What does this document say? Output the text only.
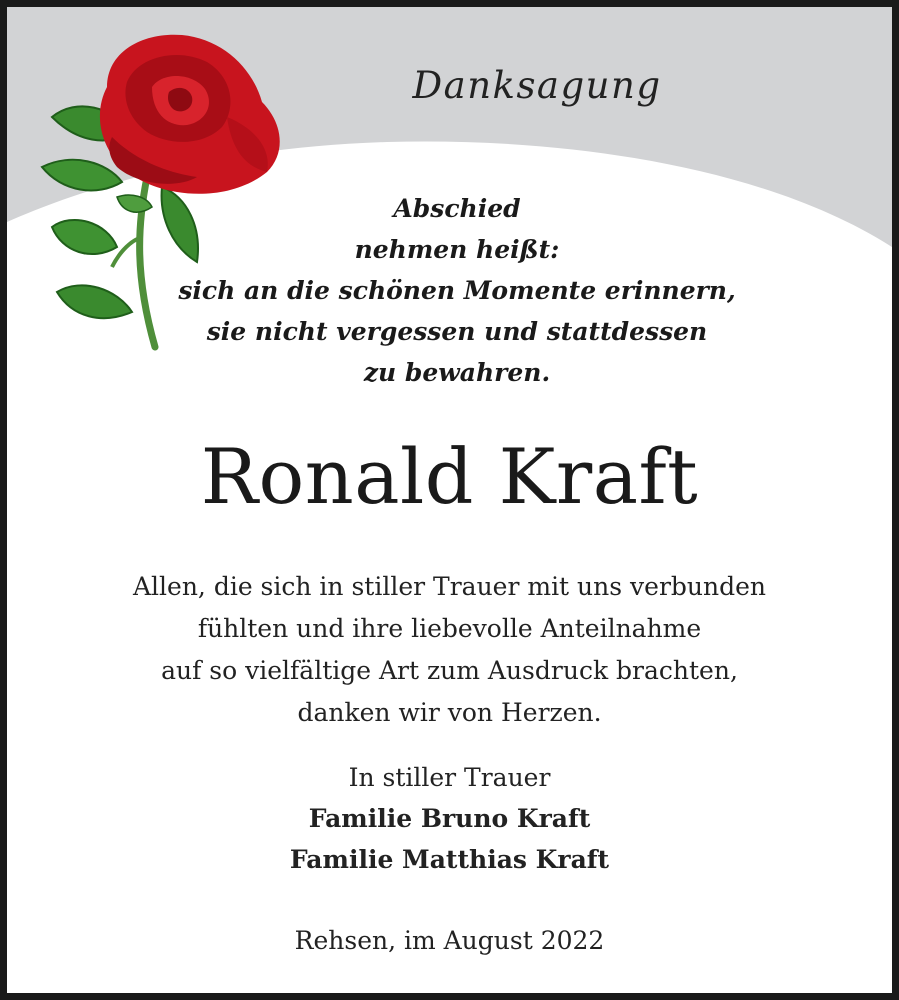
Danksagung
Abschied
nehmen heißt:
sich an die schönen Momente erinnern,
sie nicht vergessen und stattdessen
zu bewahren.
Ronald Kraft
Allen, die sich in stiller Trauer mit uns verbunden
fühlten und ihre liebevolle Anteilnahme
auf so vielfältige Art zum Ausdruck brachten,
danken wir von Herzen.
In stiller Trauer
Familie Bruno Kraft
Familie Matthias Kraft
Rehsen, im August 2022
